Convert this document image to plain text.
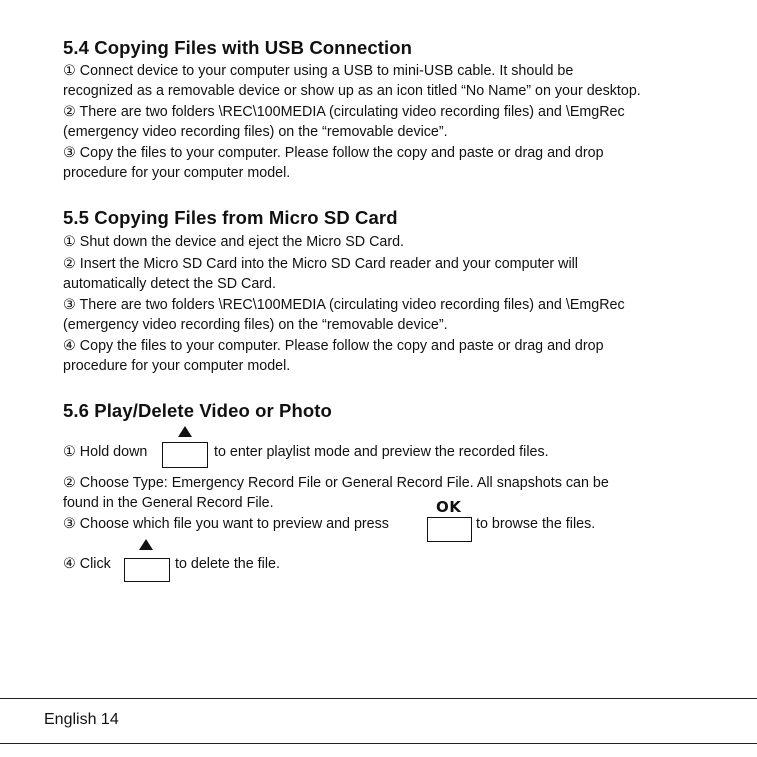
5.4 Copying Files with USB Connection

① Connect device to your computer using a USB to mini-USB cable. It should be
recognized as a removable device or show up as an icon titled “No Name” on your desktop.

② There are two folders \REC\100MEDIA (circulating video recording files) and \EmgRec
(emergency video recording files) on the “removable device”.

③ Copy the files to your computer. Please follow the copy and paste or drag and drop
procedure for your computer model.

5.5 Copying Files from Micro SD Card

① Shut down the device and eject the Micro SD Card.

② Insert the Micro SD Card into the Micro SD Card reader and your computer will
automatically detect the SD Card.

③ There are two folders \REC\100MEDIA (circulating video recording files) and \EmgRec
(emergency video recording files) on the “removable device”.

④ Copy the files to your computer. Please follow the copy and paste or drag and drop
procedure for your computer model.

5.6 Play/Delete Video or Photo
① Hold down	to enter playlist mode and preview the recorded files.

② Choose Type: Emergency Record File or General Record File. All snapshots can be
found in the General Record File.

③ Choose which file you want to preview and press
OK
to browse the files.
④ Click	to delete the file.
English 14
